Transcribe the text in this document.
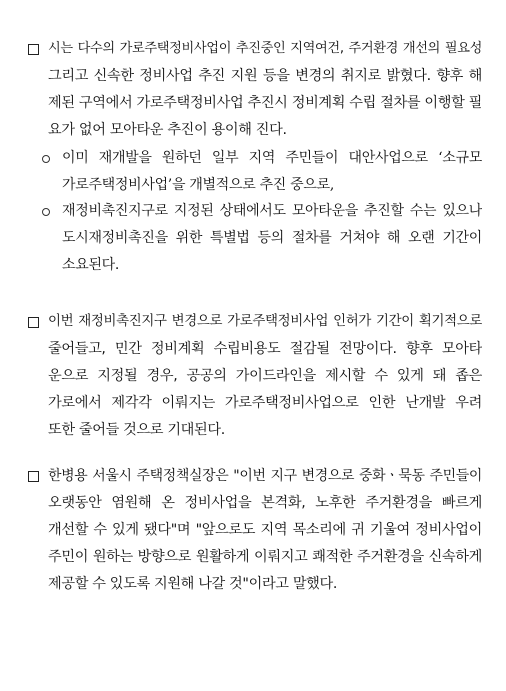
시는 다수의 가로주택정비사업이 추진중인 지역여건, 주거환경 개선의 필요성
그리고 신속한 정비사업 추진 지원 등을 변경의 취지로 밝혔다. 향후 해
제된 구역에서 가로주택정비사업 추진시 정비계획 수립 절차를 이행할 필
요가 없어 모아타운 추진이 용이해 진다.
이미 재개발을 원하던 일부 지역 주민들이 대안사업으로 ‘소규모
가로주택정비사업’을 개별적으로 추진 중으로,
재정비촉진지구로 지정된 상태에서도 모아타운을 추진할 수는 있으나
도시재정비촉진을 위한 특별법 등의 절차를 거쳐야 해 오랜 기간이
소요된다.
이번 재정비촉진지구 변경으로 가로주택정비사업 인허가 기간이 획기적으로
줄어들고, 민간 정비계획 수립비용도 절감될 전망이다. 향후 모아타
운으로 지정될 경우, 공공의 가이드라인을 제시할 수 있게 돼 좁은
가로에서 제각각 이뤄지는 가로주택정비사업으로 인한 난개발 우려
또한 줄어들 것으로 기대된다.
한병용 서울시 주택정책실장은 "이번 지구 변경으로 중화ㆍ묵동 주민들이
오랫동안 염원해 온 정비사업을 본격화, 노후한 주거환경을 빠르게
개선할 수 있게 됐다"며 "앞으로도 지역 목소리에 귀 기울여 정비사업이
주민이 원하는 방향으로 원활하게 이뤄지고 쾌적한 주거환경을 신속하게
제공할 수 있도록 지원해 나갈 것"이라고 말했다.
